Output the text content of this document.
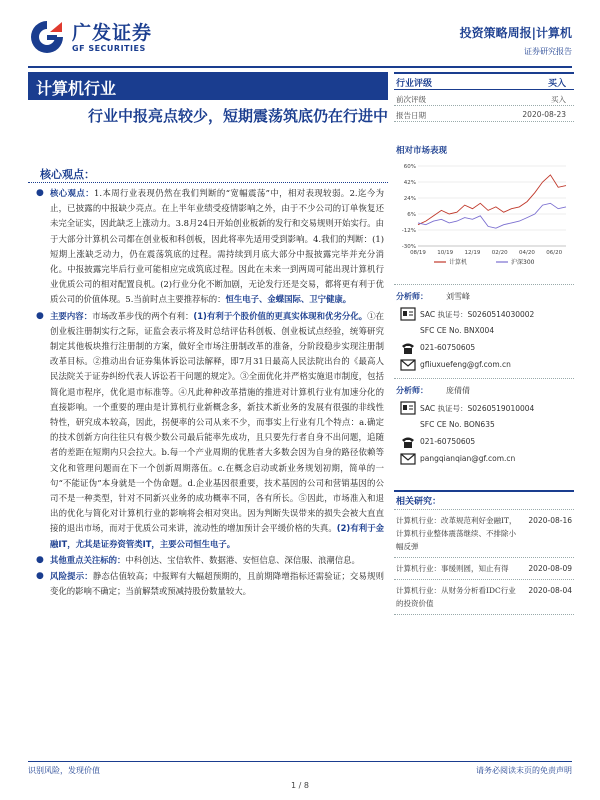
广发证券
GF SECURITIES
投资策略周报|计算机
证券研究报告
计算机行业
行业中报亮点较少，短期震荡筑底仍在行进中
核心观点：
● 核心观点：1.本周行业表现仍然在我们判断的“宽幅震荡”中，相对表现较弱。2.迄今为止，已披露的中报缺少亮点。在上半年业绩受疫情影响之外，由于不少公司的订单恢复还未完全证实，因此缺乏上涨动力。3.8月24日开始创业板新的发行和交易规则开始实行。由于大部分计算机公司都在创业板和科创板，因此将率先适用受到影响。4.我们的判断：(1)短期上涨缺乏动力，仍在震荡筑底的过程。需持续到月底大部分中报披露完毕并充分消化。中报披露完毕后行业可能相应完成筑底过程。因此在未来一到两周可能出现计算机行业优质公司的相对配置良机。(2)行业分化不断加剧，无论发行还是交易，都将更有利于优质公司的价值体现。5.当前时点主要推荐标的：恒生电子、金蝶国际、卫宁健康。
● 主要内容：市场改革步伐的两个有利：(1)有利于个股价值的更真实体现和优劣分化。①在创业板注册制实行之际，证监会表示将及时总结评估科创板、创业板试点经验，统筹研究制定其他板块推行注册制的方案，做好全市场注册制改革的准备，分阶段稳步实现注册制改革目标。②推动出台证券集体诉讼司法解释，即7月31日最高人民法院出台的《最高人民法院关于证券纠纷代表人诉讼若干问题的规定》。③全面优化并严格实施退市制度，包括简化退市程序，优化退市标准等。④凡此种种改革措施的推进对计算机行业有加速分化的直接影响。一个重要的理由是计算机行业新概念多，新技术新业务的发展有很强的非线性特性，研究成本较高，因此，拐便率的公司从来不少，而事实上行业有几个特点：a.确定的技术创新方向往往只有极少数公司最后能率先成功，且只要先行者自身不出问题，追随者的差距在短期内只会拉大。b.每一个产业周期的优胜者大多数会因为自身的路径依赖等文化和管理问题而在下一个创新周期落伍。c.在概念启动或新业务规划初期，简单的一句“不能证伪”本身就是一个伪命题。d.企业基因很重要，技术基因的公司和营销基因的公司不是一种类型，针对不同新兴业务的成功概率不同，各有所长。⑤因此，市场准入和退出的优化与简化对计算机行业的影响将会相对突出。因为判断失误带来的损失会被大直直接的退出市场，而对于优质公司来讲，流动性的增加预计会平缓价格的失真。(2)有利于金融IT，尤其是证券资管类IT，主要公司恒生电子。
● 其他重点关注标的：中科创达、宝信软件、数据港、安恒信息、深信服、浪潮信息。
● 风险提示：静态估值较高；中报辉有大幅超预期的，且前期降增指标还需验证；交易规则变化的影响不确定；当前解禁或预减持股份数量较大。
行业评级	买入
前次评级	买入
报告日期	2020-08-23
相对市场表现
60%
42%
24%
6%
-12%
-30%
08/19 10/19 12/19 02/20 04/20 06/20
计算机	沪深300
分析师： 刘雪峰
SAC 执证号：S0260514030002
SFC CE No. BNX004
021-60750605
gfliuxuefeng@gf.com.cn
分析师： 庞倩倩
SAC 执证号：S0260519010004
SFC CE No. BON635
021-60750605
pangqianqian@gf.com.cn
相关研究：
计算机行业：改革规范利好金融IT，计算机行业整体震荡继续、不排除小幅反弹
2020-08-16
计算机行业：事缓则圆，知止有得	2020-08-09
计算机行业：从财务分析看IDC行业的投资价值
2020-08-04
识别风险，发现价值	请务必阅读末页的免责声明
1 / 8
